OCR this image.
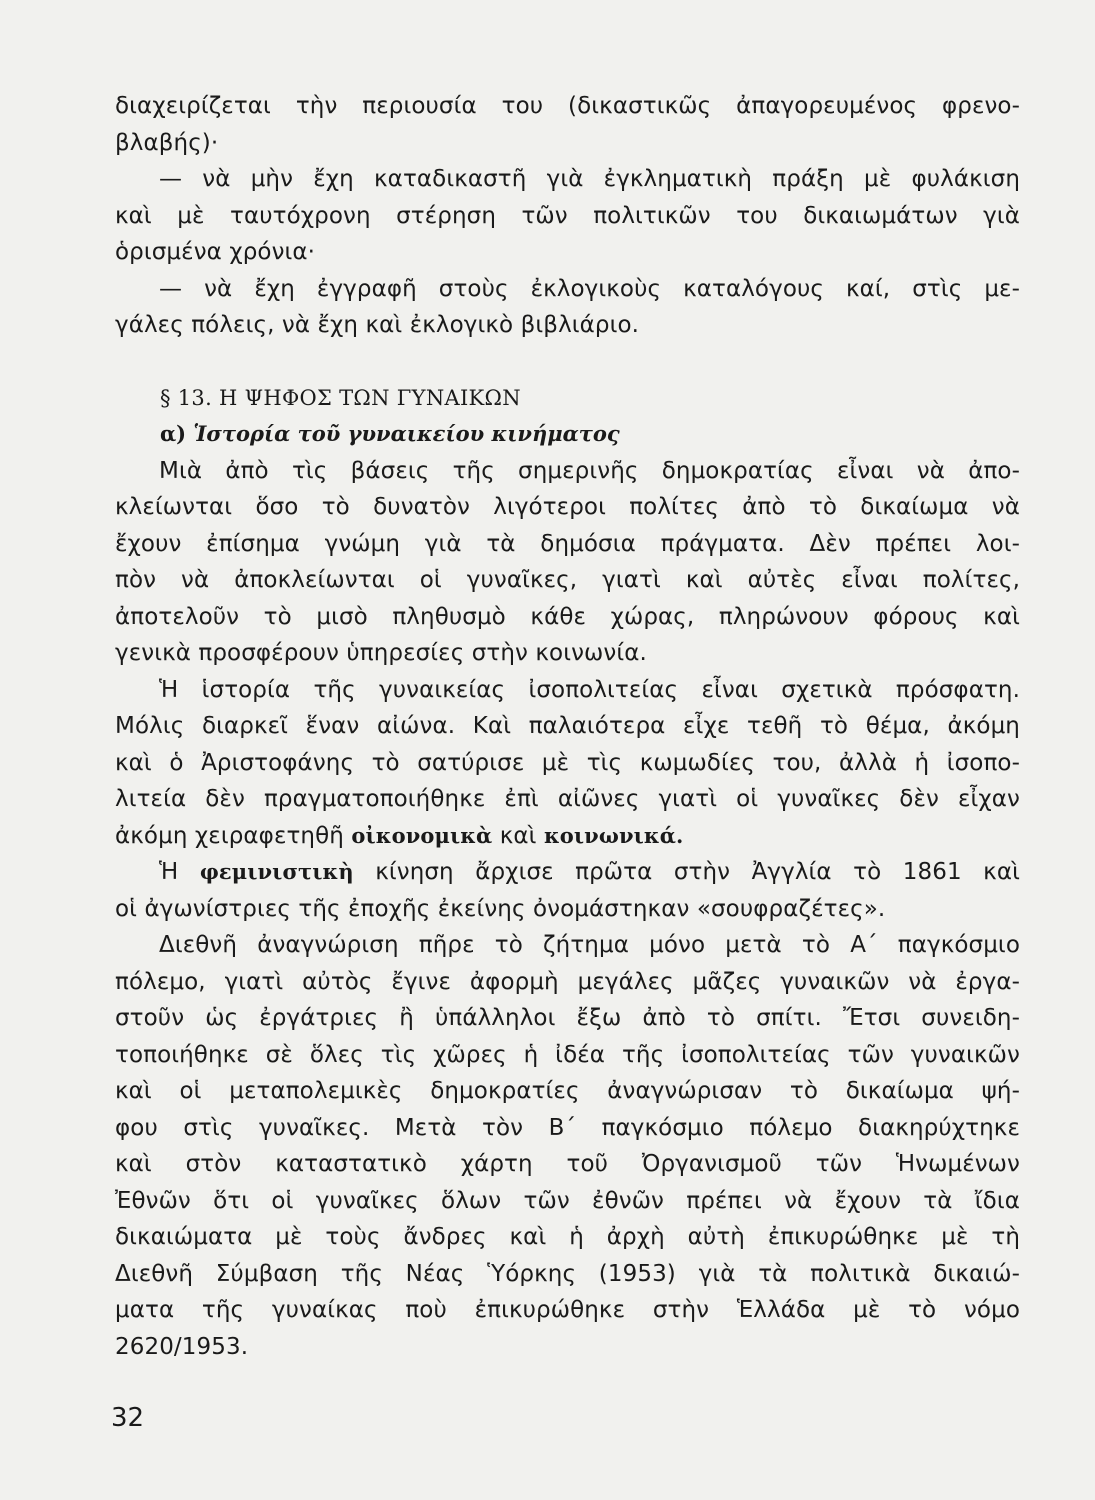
διαχειρίζεται τὴν περιουσία του (δικαστικῶς ἀπαγορευμένος φρενο-
βλαβής)·
— νὰ μὴν ἔχη καταδικαστῆ γιὰ ἐγκληματικὴ πράξη μὲ φυλάκιση
καὶ μὲ ταυτόχρονη στέρηση τῶν πολιτικῶν του δικαιωμάτων γιὰ
ὁρισμένα χρόνια·
— νὰ ἔχη ἐγγραφῆ στοὺς ἐκλογικοὺς καταλόγους καί, στὶς με-
γάλες πόλεις, νὰ ἔχη καὶ ἐκλογικὸ βιβλιάριο.
§ 13. Η ΨΗΦΟΣ ΤΩΝ ΓΥΝΑΙΚΩΝ
α) Ἱστορία τοῦ γυναικείου κινήματος
Μιὰ ἀπὸ τὶς βάσεις τῆς σημερινῆς δημοκρατίας εἶναι νὰ ἀπο-
κλείωνται ὅσο τὸ δυνατὸν λιγότεροι πολίτες ἀπὸ τὸ δικαίωμα νὰ
ἔχουν ἐπίσημα γνώμη γιὰ τὰ δημόσια πράγματα. Δὲν πρέπει λοι-
πὸν νὰ ἀποκλείωνται οἱ γυναῖκες, γιατὶ καὶ αὐτὲς εἶναι πολίτες,
ἀποτελοῦν τὸ μισὸ πληθυσμὸ κάθε χώρας, πληρώνουν φόρους καὶ
γενικὰ προσφέρουν ὑπηρεσίες στὴν κοινωνία.
Ἡ ἱστορία τῆς γυναικείας ἰσοπολιτείας εἶναι σχετικὰ πρόσφατη.
Μόλις διαρκεῖ ἕναν αἰώνα. Καὶ παλαιότερα εἶχε τεθῆ τὸ θέμα, ἀκόμη
καὶ ὁ Ἀριστοφάνης τὸ σατύρισε μὲ τὶς κωμωδίες του, ἀλλὰ ἡ ἰσοπο-
λιτεία δὲν πραγματοποιήθηκε ἐπὶ αἰῶνες γιατὶ οἱ γυναῖκες δὲν εἶχαν
ἀκόμη χειραφετηθῆ οἰκονομικὰ καὶ κοινωνικά.
Ἡ φεμινιστικὴ κίνηση ἄρχισε πρῶτα στὴν Ἀγγλία τὸ 1861 καὶ
οἱ ἀγωνίστριες τῆς ἐποχῆς ἐκείνης ὀνομάστηκαν «σουφραζέτες».
Διεθνῆ ἀναγνώριση πῆρε τὸ ζήτημα μόνο μετὰ τὸ Α΄ παγκόσμιο
πόλεμο, γιατὶ αὐτὸς ἔγινε ἀφορμὴ μεγάλες μᾶζες γυναικῶν νὰ ἐργα-
στοῦν ὡς ἐργάτριες ἢ ὑπάλληλοι ἔξω ἀπὸ τὸ σπίτι. Ἔτσι συνειδη-
τοποιήθηκε σὲ ὅλες τὶς χῶρες ἡ ἰδέα τῆς ἰσοπολιτείας τῶν γυναικῶν
καὶ οἱ μεταπολεμικὲς δημοκρατίες ἀναγνώρισαν τὸ δικαίωμα ψή-
φου στὶς γυναῖκες. Μετὰ τὸν Β΄ παγκόσμιο πόλεμο διακηρύχτηκε
καὶ στὸν καταστατικὸ χάρτη τοῦ Ὀργανισμοῦ τῶν Ἡνωμένων
Ἐθνῶν ὅτι οἱ γυναῖκες ὅλων τῶν ἐθνῶν πρέπει νὰ ἔχουν τὰ ἴδια
δικαιώματα μὲ τοὺς ἄνδρες καὶ ἡ ἀρχὴ αὐτὴ ἐπικυρώθηκε μὲ τὴ
Διεθνῆ Σύμβαση τῆς Νέας Ὑόρκης (1953) γιὰ τὰ πολιτικὰ δικαιώ-
ματα τῆς γυναίκας ποὺ ἐπικυρώθηκε στὴν Ἑλλάδα μὲ τὸ νόμο
2620/1953.
32
